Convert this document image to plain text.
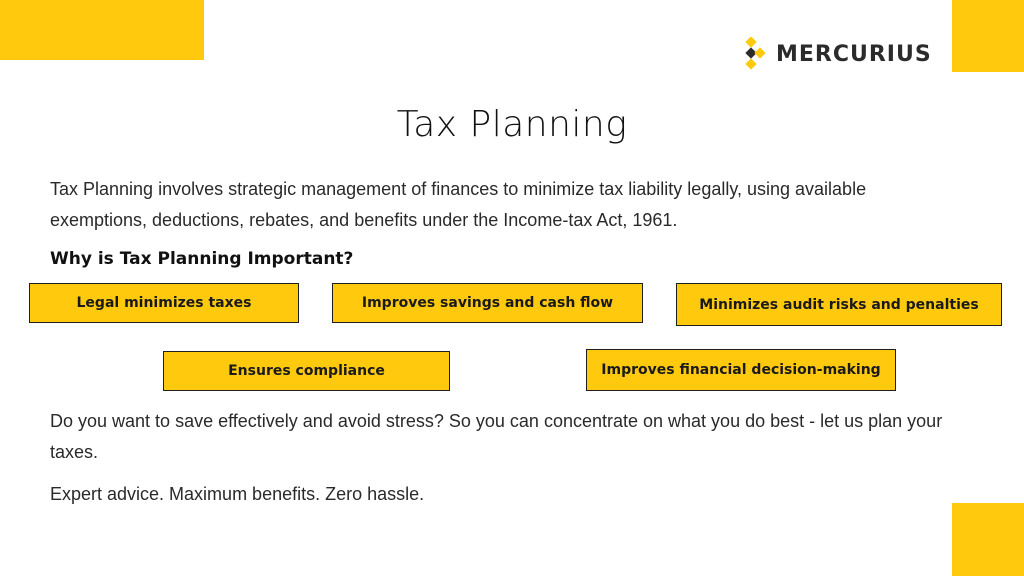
MERCURIUS
Tax Planning
Tax Planning involves strategic management of finances to minimize tax liability legally, using available exemptions, deductions, rebates, and benefits under the Income-tax Act, 1961.
Why is Tax Planning Important?
Legal minimizes taxes	Improves savings and cash flow	Minimizes audit risks and penalties
Ensures compliance	Improves financial decision-making
Do you want to save effectively and avoid stress? So you can concentrate on what you do best - let us plan your taxes.
Expert advice. Maximum benefits. Zero hassle.
